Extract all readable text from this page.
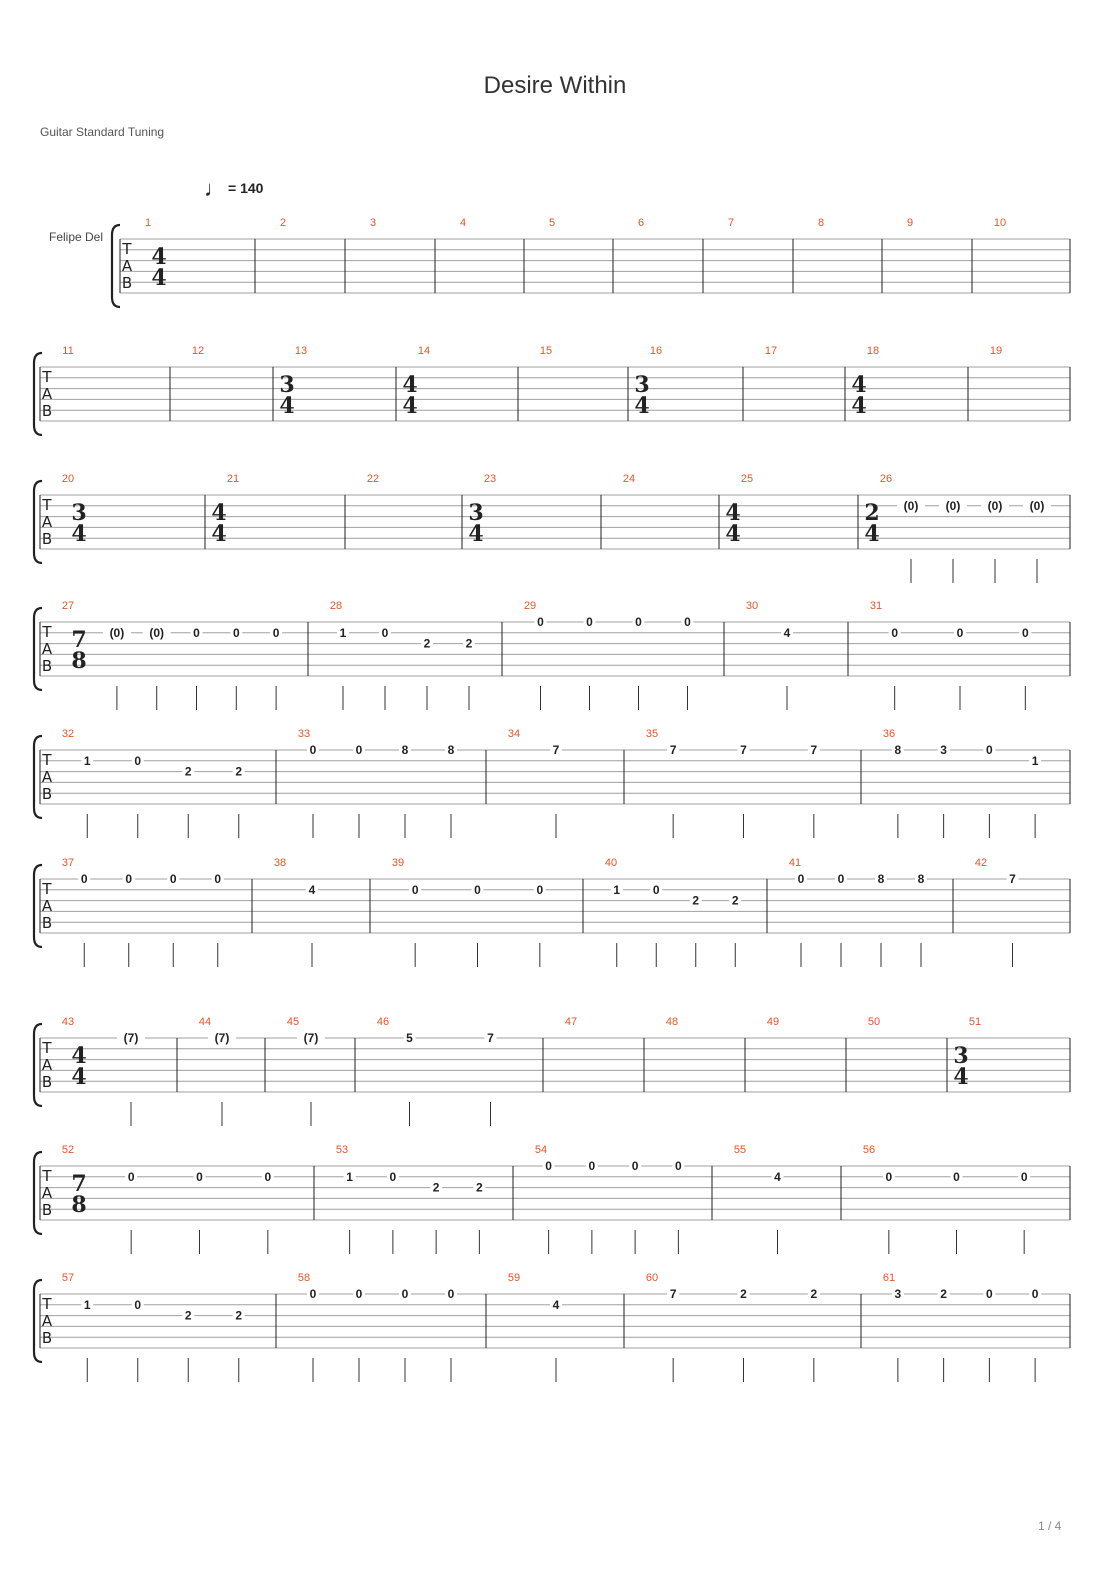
Desire Within
Guitar Standard Tuning
♩ = 140
1 / 4
Felipe Del
T
A
B
1
4
4
2	3	4	5	6	7	8	9	10
T
A
B
11	12	13
3
4
14
4
4
15	16
3
4
17	18
4
4
19
T
A
B
20
3
4
21
4
4
22	23
3
4
24	25
4
4
26
2
4
(0) (0) (0) (0)
T
A
B
27
7
8
(0) (0) 0	0	0
28
1	0
2	2
29
0	0	0	0
30
4
31
0	0	0
T
A
B
32
1	0
2	2
33
0	0	8	8
34
7
35
7	7	7
36
8	3	0
1
T
A
B
37
0	0	0	0
38
4
39
0	0	0
40
1	0
2	2
41
0	0	8	8
42
7
T
A
B
43
4
4
(7)
44
(7)
45
(7)
46
5	7
47	48	49	50	51
3
4
T
A
B
52
7
8
0	0	0
53
1	0
2	2
54
0	0	0	0
55
4
56
0	0	0
T
A
B
57
1	0
2	2
58
0	0	0	0
59
4
60
7	2	2
61
3	2	0	0
